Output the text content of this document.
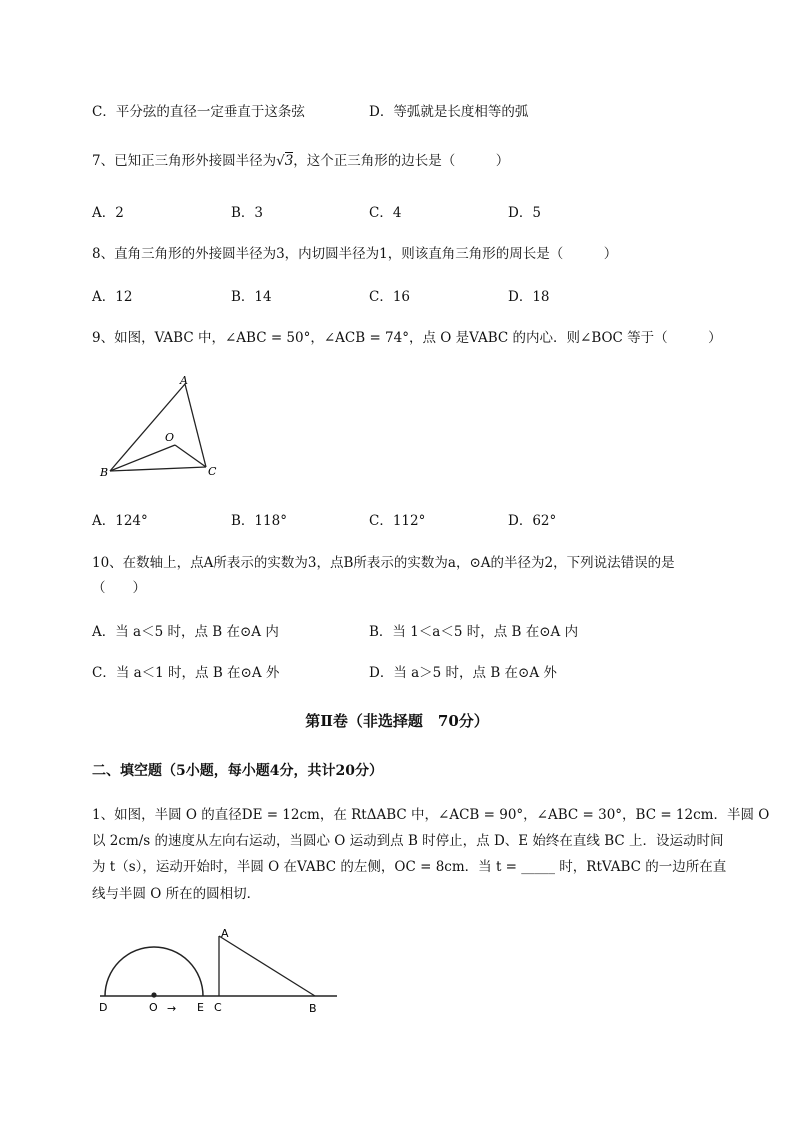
C．平分弦的直径一定垂直于这条弦	D．等弧就是长度相等的弧
7、已知正三角形外接圆半径为√3，这个正三角形的边长是（　　　）
A．2	B．3	C．4	D．5
8、直角三角形的外接圆半径为3，内切圆半径为1，则该直角三角形的周长是（　　　）
A．12	B．14	C．16	D．18
9、如图，VABC 中，∠ABC = 50°，∠ACB = 74°，点 O 是VABC 的内心．则∠BOC 等于（　　　）
A
B	C
O
A．124°	B．118°	C．112°	D．62°
10、在数轴上，点A所表示的实数为3，点B所表示的实数为a，⊙A的半径为2，下列说法错误的是
（　　）
A．当 a＜5 时，点 B 在⊙A 内	B．当 1＜a＜5 时，点 B 在⊙A 内
C．当 a＜1 时，点 B 在⊙A 外	D．当 a＞5 时，点 B 在⊙A 外
第Ⅱ卷（非选择题　70分）
二、填空题（5小题，每小题4分，共计20分）
1、如图，半圆 O 的直径DE = 12cm，在 RtΔABC 中，∠ACB = 90°，∠ABC = 30°，BC = 12cm．半圆 O
以 2cm/s 的速度从左向右运动，当圆心 O 运动到点 B 时停止，点 D、E 始终在直线 BC 上．设运动时间
为 t（s），运动开始时，半圆 O 在VABC 的左侧，OC = 8cm．当 t = _____ 时，RtVABC 的一边所在直
线与半圆 O 所在的圆相切．
A
D	O → E C	B
